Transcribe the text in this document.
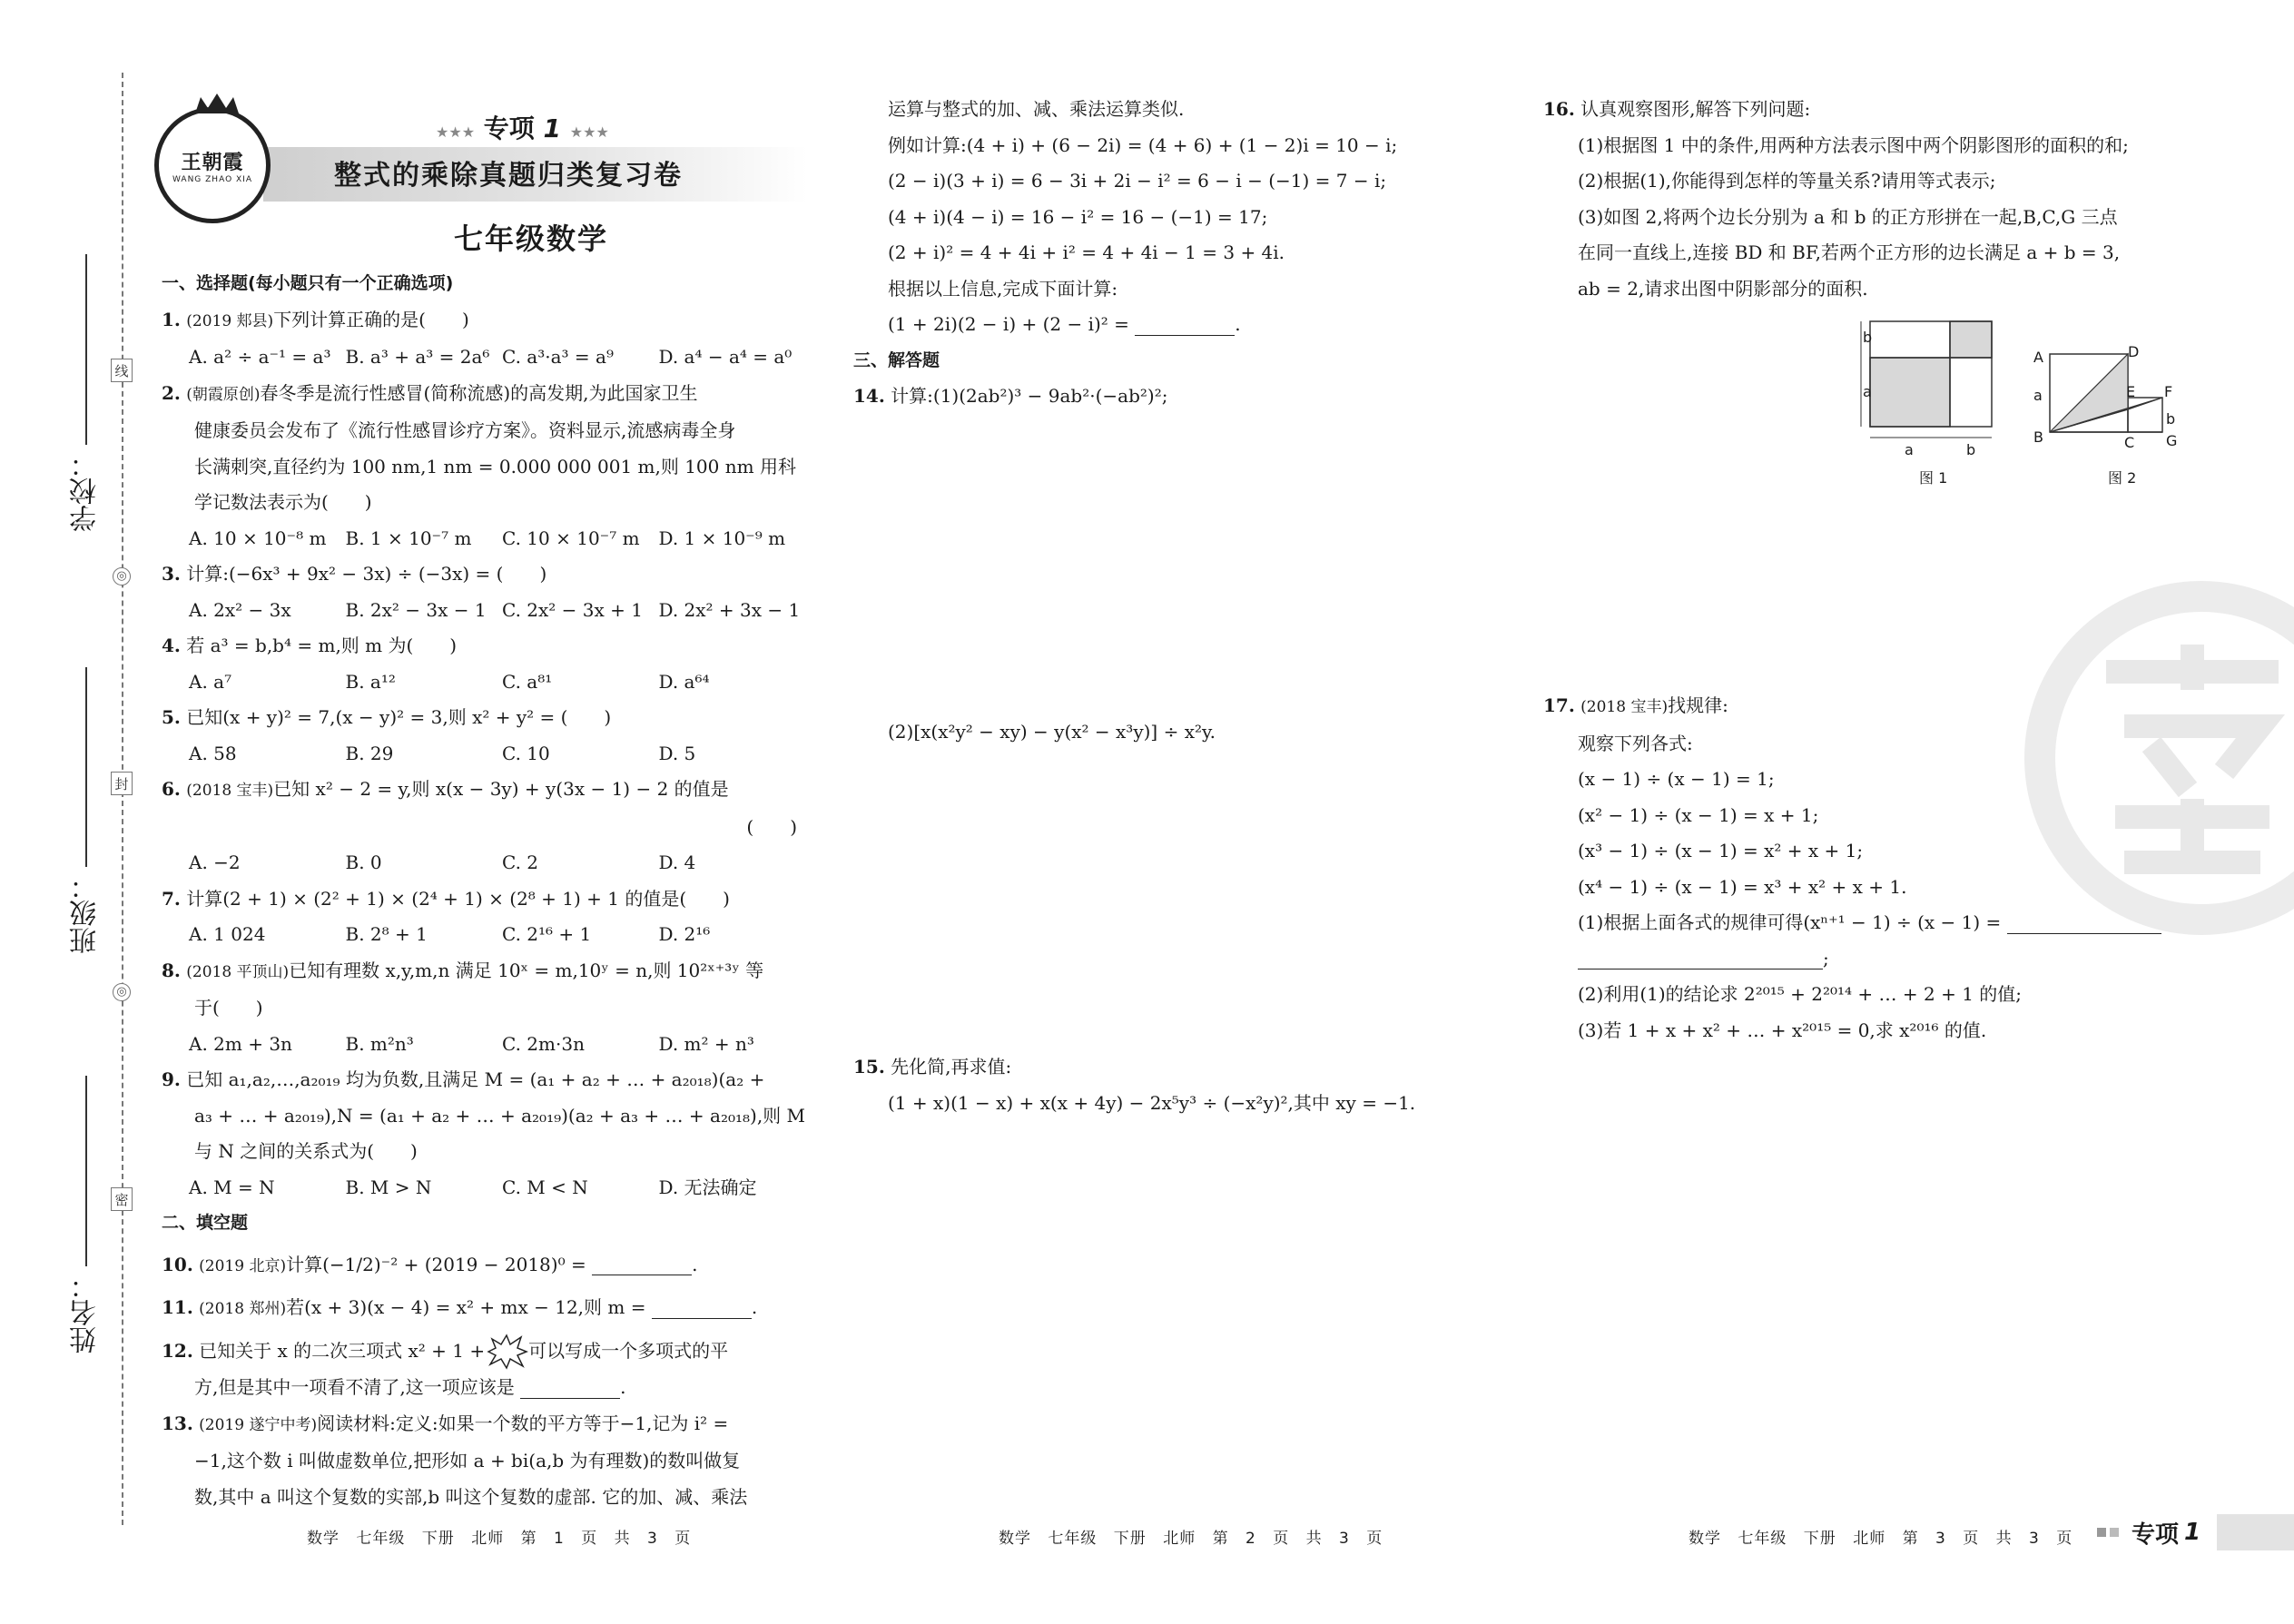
线
◎
封
◎
密
学校：
班级：
姓名：
王朝霞
WANG ZHAO XIA
★★★ 专项 1 ★★★
整式的乘除真题归类复习卷
七年级数学
一、选择题(每小题只有一个正确选项)
1. (2019 郏县)下列计算正确的是(　　)
A. a² ÷ a⁻¹ = a³ B. a³ + a³ = 2a⁶ C. a³·a³ = a⁹	D. a⁴ − a⁴ = a⁰
2. (朝霞原创)春冬季是流行性感冒(简称流感)的高发期,为此国家卫生
健康委员会发布了《流行性感冒诊疗方案》。资料显示,流感病毒全身
长满刺突,直径约为 100 nm,1 nm = 0.000 000 001 m,则 100 nm 用科
学记数法表示为(　　)
A. 10 × 10⁻⁸ m	B. 1 × 10⁻⁷ m	C. 10 × 10⁻⁷ m	D. 1 × 10⁻⁹ m
3. 计算:(−6x³ + 9x² − 3x) ÷ (−3x) = (　　)
A. 2x² − 3x	B. 2x² − 3x − 1 C. 2x² − 3x + 1 D. 2x² + 3x − 1
4. 若 a³ = b,b⁴ = m,则 m 为(　　)
A. a⁷	B. a¹²	C. a⁸¹	D. a⁶⁴
5. 已知(x + y)² = 7,(x − y)² = 3,则 x² + y² = (　　)
A. 58	B. 29	C. 10	D. 5
6. (2018 宝丰)已知 x² − 2 = y,则 x(x − 3y) + y(3x − 1) − 2 的值是
(　　)
A. −2	B. 0	C. 2	D. 4
7. 计算(2 + 1) × (2² + 1) × (2⁴ + 1) × (2⁸ + 1) + 1 的值是(　　)
A. 1 024	B. 2⁸ + 1	C. 2¹⁶ + 1	D. 2¹⁶
8. (2018 平顶山)已知有理数 x,y,m,n 满足 10ˣ = m,10ʸ = n,则 10²ˣ⁺³ʸ 等
于(　　)
A. 2m + 3n	B. m²n³	C. 2m·3n	D. m² + n³
9. 已知 a₁,a₂,…,a₂₀₁₉ 均为负数,且满足 M = (a₁ + a₂ + … + a₂₀₁₈)(a₂ +
a₃ + … + a₂₀₁₉),N = (a₁ + a₂ + … + a₂₀₁₉)(a₂ + a₃ + … + a₂₀₁₈),则 M
与 N 之间的关系式为(　　)
A. M = N	B. M > N	C. M < N	D. 无法确定
二、填空题
10. (2019 北京)计算(−1/2)⁻² + (2019 − 2018)⁰ =	.
11. (2018 郑州)若(x + 3)(x − 4) = x² + mx − 12,则 m =	.
12. 已知关于 x 的二次三项式 x² + 1 + 可以写成一个多项式的平
方,但是其中一项看不清了,这一项应该是	.
13. (2019 遂宁中考)阅读材料:定义:如果一个数的平方等于−1,记为 i² =
−1,这个数 i 叫做虚数单位,把形如 a + bi(a,b 为有理数)的数叫做复
数,其中 a 叫这个复数的实部,b 叫这个复数的虚部. 它的加、减、乘法
运算与整式的加、减、乘法运算类似.
例如计算:(4 + i) + (6 − 2i) = (4 + 6) + (1 − 2)i = 10 − i;
(2 − i)(3 + i) = 6 − 3i + 2i − i² = 6 − i − (−1) = 7 − i;
(4 + i)(4 − i) = 16 − i² = 16 − (−1) = 17;
(2 + i)² = 4 + 4i + i² = 4 + 4i − 1 = 3 + 4i.
根据以上信息,完成下面计算:
(1 + 2i)(2 − i) + (2 − i)² =	.
三、解答题
14. 计算:(1)(2ab²)³ − 9ab²·(−ab²)²;
(2)[x(x²y² − xy) − y(x² − x³y)] ÷ x²y.
15. 先化简,再求值:
(1 + x)(1 − x) + x(x + 4y) − 2x⁵y³ ÷ (−x²y)²,其中 xy = −1.
16. 认真观察图形,解答下列问题:
(1)根据图 1 中的条件,用两种方法表示图中两个阴影图形的面积的和;
(2)根据(1),你能得到怎样的等量关系?请用等式表示;
(3)如图 2,将两个边长分别为 a 和 b 的正方形拼在一起,B,C,G 三点
在同一直线上,连接 BD 和 BF,若两个正方形的边长满足 a + b = 3,
ab = 2,请求出图中阴影部分的面积.
17. (2018 宝丰)找规律:
观察下列各式:
(x − 1) ÷ (x − 1) = 1;
(x² − 1) ÷ (x − 1) = x + 1;
(x³ − 1) ÷ (x − 1) = x² + x + 1;
(x⁴ − 1) ÷ (x − 1) = x³ + x² + x + 1.
(1)根据上面各式的规律可得(xⁿ⁺¹ − 1) ÷ (x − 1) =
;
(2)利用(1)的结论求 2²⁰¹⁵ + 2²⁰¹⁴ + … + 2 + 1 的值;
(3)若 1 + x + x² + … + x²⁰¹⁵ = 0,求 x²⁰¹⁶ 的值.
b
a
a	b
A	D
E F
a
b
B	C G
图 1	图 2
数学 七年级 下册 北师 第 1 页 共 3 页	数学 七年级 下册 北师 第 2 页 共 3 页	数学 七年级 下册 北师 第 3 页 共 3 页 专项 1
